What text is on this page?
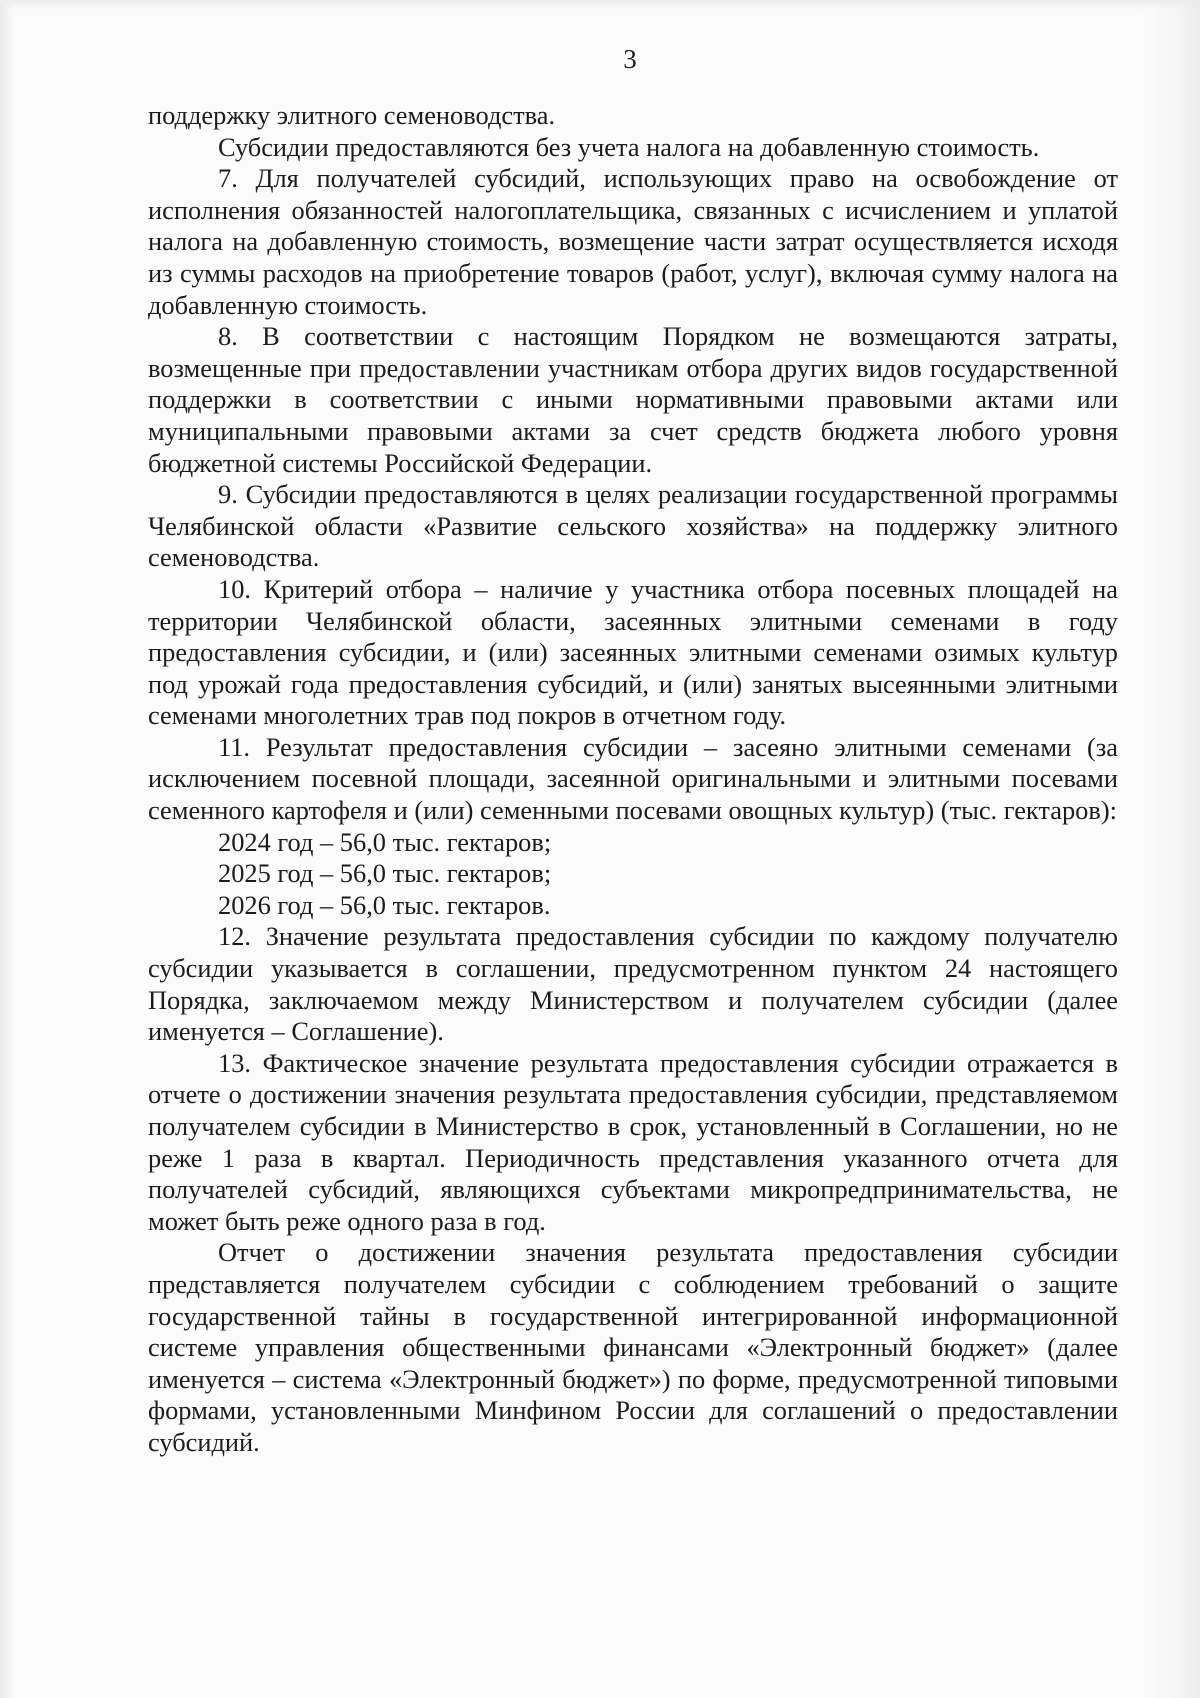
3

поддержку элитного семеноводства.

Субсидии предоставляются без учета налога на добавленную стоимость.

7. Для получателей субсидий, использующих право на освобождение от исполнения обязанностей налогоплательщика, связанных с исчислением и уплатой налога на добавленную стоимость, возмещение части затрат осуществляется исходя из суммы расходов на приобретение товаров (работ, услуг), включая сумму налога на добавленную стоимость.

8. В соответствии с настоящим Порядком не возмещаются затраты, возмещенные при предоставлении участникам отбора других видов государственной поддержки в соответствии с иными нормативными правовыми актами или муниципальными правовыми актами за счет средств бюджета любого уровня бюджетной системы Российской Федерации.

9. Субсидии предоставляются в целях реализации государственной программы Челябинской области «Развитие сельского хозяйства» на поддержку элитного семеноводства.

10. Критерий отбора – наличие у участника отбора посевных площадей на территории Челябинской области, засеянных элитными семенами в году предоставления субсидии, и (или) засеянных элитными семенами озимых культур под урожай года предоставления субсидий, и (или) занятых высеянными элитными семенами многолетних трав под покров в отчетном году.

11. Результат предоставления субсидии – засеяно элитными семенами (за исключением посевной площади, засеянной оригинальными и элитными посевами семенного картофеля и (или) семенными посевами овощных культур) (тыс. гектаров):

2024 год – 56,0 тыс. гектаров;

2025 год – 56,0 тыс. гектаров;

2026 год – 56,0 тыс. гектаров.

12. Значение результата предоставления субсидии по каждому получателю субсидии указывается в соглашении, предусмотренном пунктом 24 настоящего Порядка, заключаемом между Министерством и получателем субсидии (далее именуется – Соглашение).

13. Фактическое значение результата предоставления субсидии отражается в отчете о достижении значения результата предоставления субсидии, представляемом получателем субсидии в Министерство в срок, установленный в Соглашении, но не реже 1 раза в квартал. Периодичность представления указанного отчета для получателей субсидий, являющихся субъектами микропредпринимательства, не может быть реже одного раза в год.

Отчет о достижении значения результата предоставления субсидии представляется получателем субсидии с соблюдением требований о защите государственной тайны в государственной интегрированной информационной системе управления общественными финансами «Электронный бюджет» (далее именуется – система «Электронный бюджет») по форме, предусмотренной типовыми формами, установленными Минфином России для соглашений о предоставлении субсидий.
